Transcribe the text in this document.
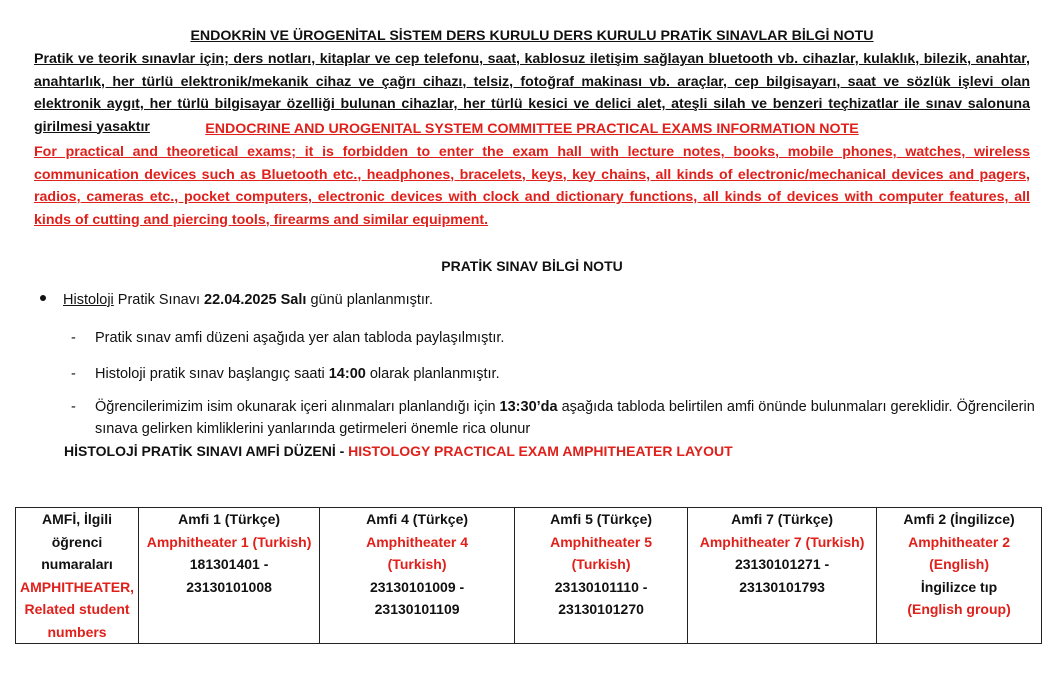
ENDOKRİN VE ÜROGENİTAL SİSTEM DERS KURULU DERS KURULU PRATİK SINAVLAR BİLGİ NOTU
Pratik ve teorik sınavlar için; ders notları, kitaplar ve cep telefonu, saat, kablosuz iletişim sağlayan bluetooth vb. cihazlar, kulaklık, bilezik, anahtar, anahtarlık, her türlü elektronik/mekanik cihaz ve çağrı cihazı, telsiz, fotoğraf makinası vb. araçlar, cep bilgisayarı, saat ve sözlük işlevi olan elektronik aygıt, her türlü bilgisayar özelliği bulunan cihazlar, her türlü kesici ve delici alet, ateşli silah ve benzeri teçhizatlar ile sınav salonuna girilmesi yasaktır	ENDOCRINE AND UROGENITAL SYSTEM COMMITTEE PRACTICAL EXAMS INFORMATION NOTE
For practical and theoretical exams; it is forbidden to enter the exam hall with lecture notes, books, mobile phones, watches, wireless communication devices such as Bluetooth etc., headphones, bracelets, keys, key chains, all kinds of electronic/mechanical devices and pagers, radios, cameras etc., pocket computers, electronic devices with clock and dictionary functions, all kinds of devices with computer features, all kinds of cutting and piercing tools, firearms and similar equipment.
PRATİK SINAV BİLGİ NOTU
Histoloji Pratik Sınavı 22.04.2025 Salı günü planlanmıştır.
- Pratik sınav amfi düzeni aşağıda yer alan tabloda paylaşılmıştır.
- Histoloji pratik sınav başlangıç saati 14:00 olarak planlanmıştır.
- Öğrencilerimizim isim okunarak içeri alınmaları planlandığı için 13:30’da aşağıda tabloda belirtilen amfi önünde bulunmaları gereklidir. Öğrencilerin
sınava gelirken kimliklerini yanlarında getirmeleri önemle rica olunur
HİSTOLOJİ PRATİK SINAVI AMFİ DÜZENİ - HISTOLOGY PRACTICAL EXAM AMPHITHEATER LAYOUT
AMFİ, İlgili
öğrenci
numaraları
AMPHITHEATER,
Related student
numbers

Amfi 1 (Türkçe)
Amphitheater 1 (Turkish)
181301401 -
23130101008

Amfi 4 (Türkçe)
Amphitheater 4
(Turkish)
23130101009 -
23130101109

Amfi 5 (Türkçe)
Amphitheater 5
(Turkish)
23130101110 -
23130101270

Amfi 7 (Türkçe)
Amphitheater 7 (Turkish)
23130101271 -
23130101793

Amfi 2 (İngilizce)
Amphitheater 2 (English)
İngilizce tıp
(English group)
